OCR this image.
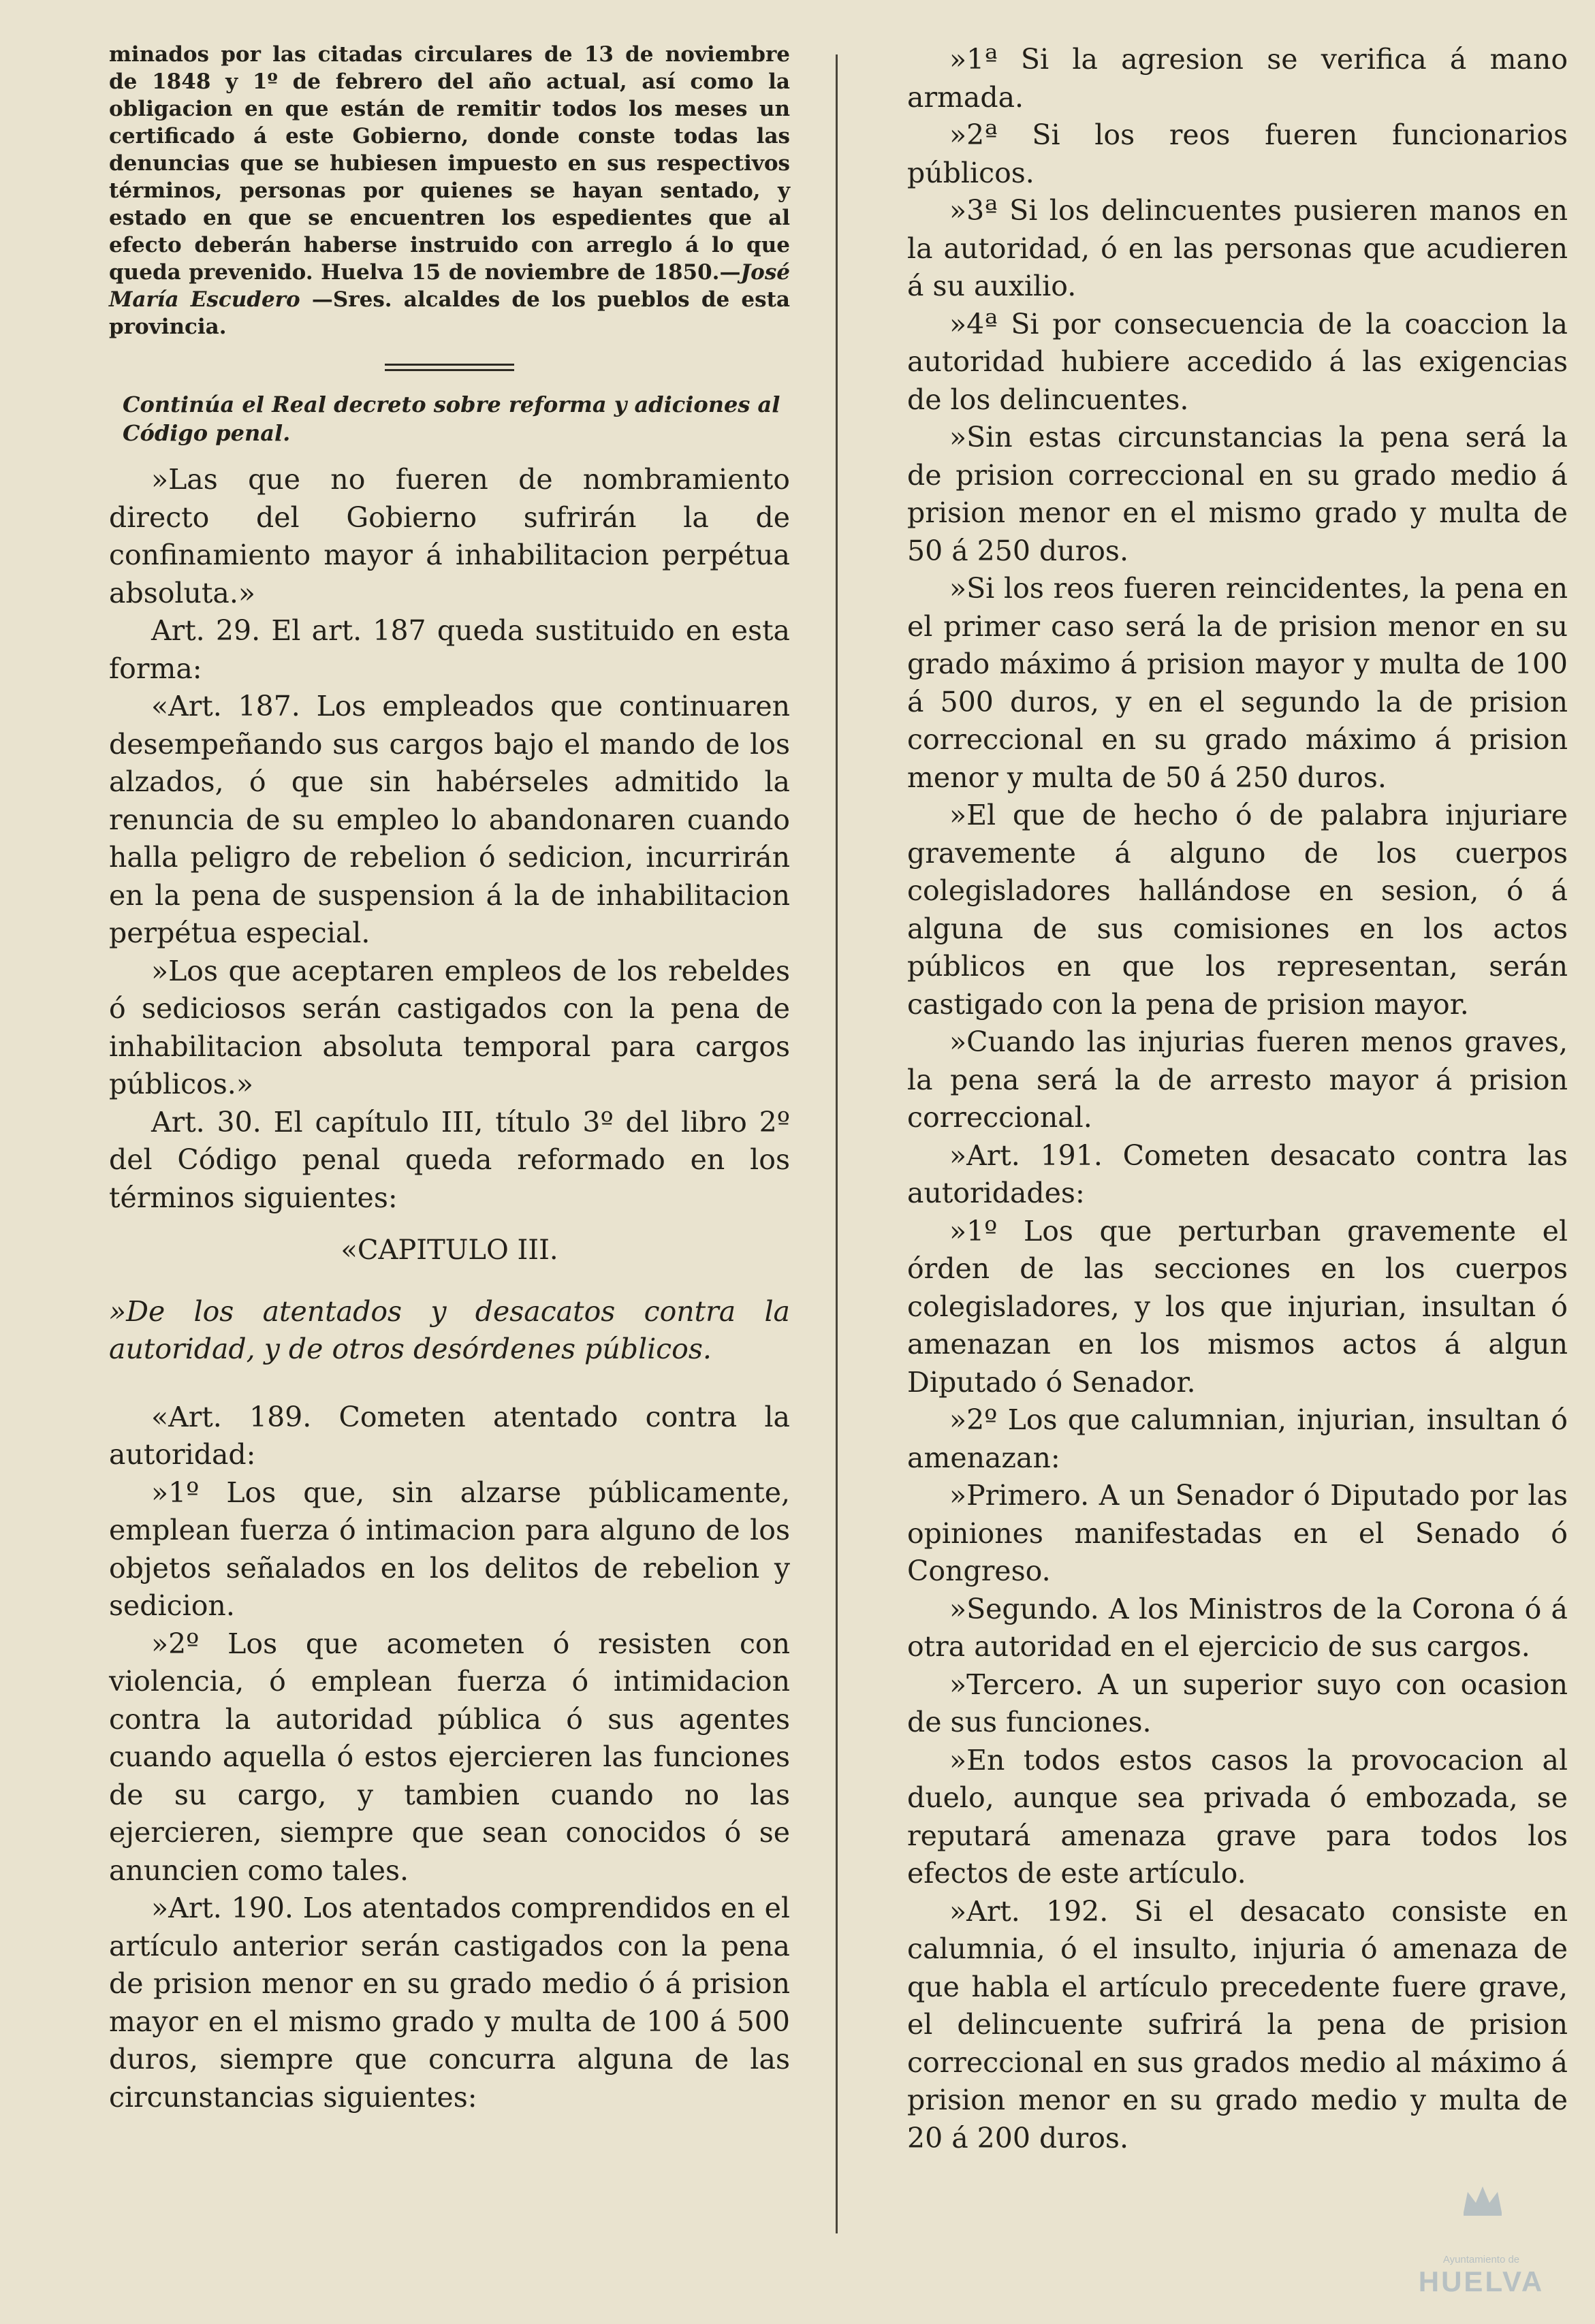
minados por las citadas circulares de 13 de noviembre de 1848 y 1º de febrero del año actual, así como la obligacion en que están de remitir todos los meses un certificado á este Gobierno, donde conste todas las denuncias que se hubiesen impuesto en sus respectivos términos, personas por quienes se hayan sentado, y estado en que se encuentren los espedientes que al efecto deberán haberse instruido con arreglo á lo que queda prevenido. Huelva 15 de noviembre de 1850.—José María Escudero —Sres. alcaldes de los pueblos de esta provincia.

Continúa el Real decreto sobre reforma y adiciones al Código penal.

»Las que no fueren de nombramiento directo del Gobierno sufrirán la de confinamiento mayor á inhabilitacion perpétua absoluta.»

Art. 29. El art. 187 queda sustituido en esta forma:

«Art. 187. Los empleados que continuaren desempeñando sus cargos bajo el mando de los alzados, ó que sin habérseles admitido la renuncia de su empleo lo abandonaren cuando halla peligro de rebelion ó sedicion, incurrirán en la pena de suspension á la de inhabilitacion perpétua especial.

»Los que aceptaren empleos de los rebeldes ó sediciosos serán castigados con la pena de inhabilitacion absoluta temporal para cargos públicos.»

Art. 30. El capítulo III, título 3º del libro 2º del Código penal queda reformado en los términos siguientes:

«CAPITULO III.

»De los atentados y desacatos contra la autoridad, y de otros desórdenes públicos.

«Art. 189. Cometen atentado contra la autoridad:

»1º Los que, sin alzarse públicamente, emplean fuerza ó intimacion para alguno de los objetos señalados en los delitos de rebelion y sedicion.

»2º Los que acometen ó resisten con violencia, ó emplean fuerza ó intimidacion contra la autoridad pública ó sus agentes cuando aquella ó estos ejercieren las funciones de su cargo, y tambien cuando no las ejercieren, siempre que sean conocidos ó se anuncien como tales.

»Art. 190. Los atentados comprendidos en el artículo anterior serán castigados con la pena de prision menor en su grado medio ó á prision mayor en el mismo grado y multa de 100 á 500 duros, siempre que concurra alguna de las circunstancias siguientes:

»1ª Si la agresion se verifica á mano armada.

»2ª Si los reos fueren funcionarios públicos.

»3ª Si los delincuentes pusieren manos en la autoridad, ó en las personas que acudieren á su auxilio.

»4ª Si por consecuencia de la coaccion la autoridad hubiere accedido á las exigencias de los delincuentes.

»Sin estas circunstancias la pena será la de prision correccional en su grado medio á prision menor en el mismo grado y multa de 50 á 250 duros.

»Si los reos fueren reincidentes, la pena en el primer caso será la de prision menor en su grado máximo á prision mayor y multa de 100 á 500 duros, y en el segundo la de prision correccional en su grado máximo á prision menor y multa de 50 á 250 duros.

»El que de hecho ó de palabra injuriare gravemente á alguno de los cuerpos colegisladores hallándose en sesion, ó á alguna de sus comisiones en los actos públicos en que los representan, serán castigado con la pena de prision mayor.

»Cuando las injurias fueren menos graves, la pena será la de arresto mayor á prision correccional.

»Art. 191. Cometen desacato contra las autoridades:

»1º Los que perturban gravemente el órden de las secciones en los cuerpos colegisladores, y los que injurian, insultan ó amenazan en los mismos actos á algun Diputado ó Senador.

»2º Los que calumnian, injurian, insultan ó amenazan:

»Primero. A un Senador ó Diputado por las opiniones manifestadas en el Senado ó Congreso.

»Segundo. A los Ministros de la Corona ó á otra autoridad en el ejercicio de sus cargos.

»Tercero. A un superior suyo con ocasion de sus funciones.

»En todos estos casos la provocacion al duelo, aunque sea privada ó embozada, se reputará amenaza grave para todos los efectos de este artículo.

»Art. 192. Si el desacato consiste en calumnia, ó el insulto, injuria ó amenaza de que habla el artículo precedente fuere grave, el delincuente sufrirá la pena de prision correccional en sus grados medio al máximo á prision menor en su grado medio y multa de 20 á 200 duros.

Ayuntamiento de
HUELVA
